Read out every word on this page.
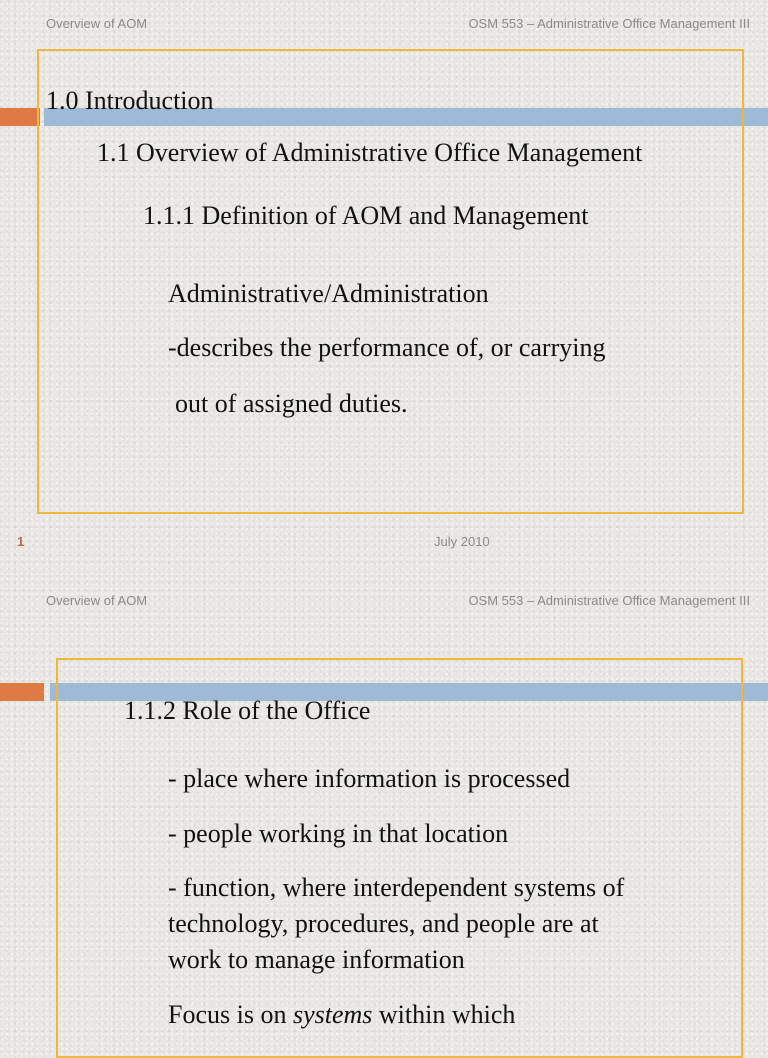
Overview of AOM	OSM 553 – Administrative Office Management III
1.0 Introduction
1.1 Overview of Administrative Office Management
1.1.1 Definition of AOM and Management
Administrative/Administration
-describes the performance of, or carrying
out of assigned duties.
1	July 2010
Overview of AOM	OSM 553 – Administrative Office Management III
1.1.2 Role of the Office
- place where information is processed
- people working in that location
- function, where interdependent systems of
technology, procedures, and people are at
work to manage information
Focus is on systems within which
